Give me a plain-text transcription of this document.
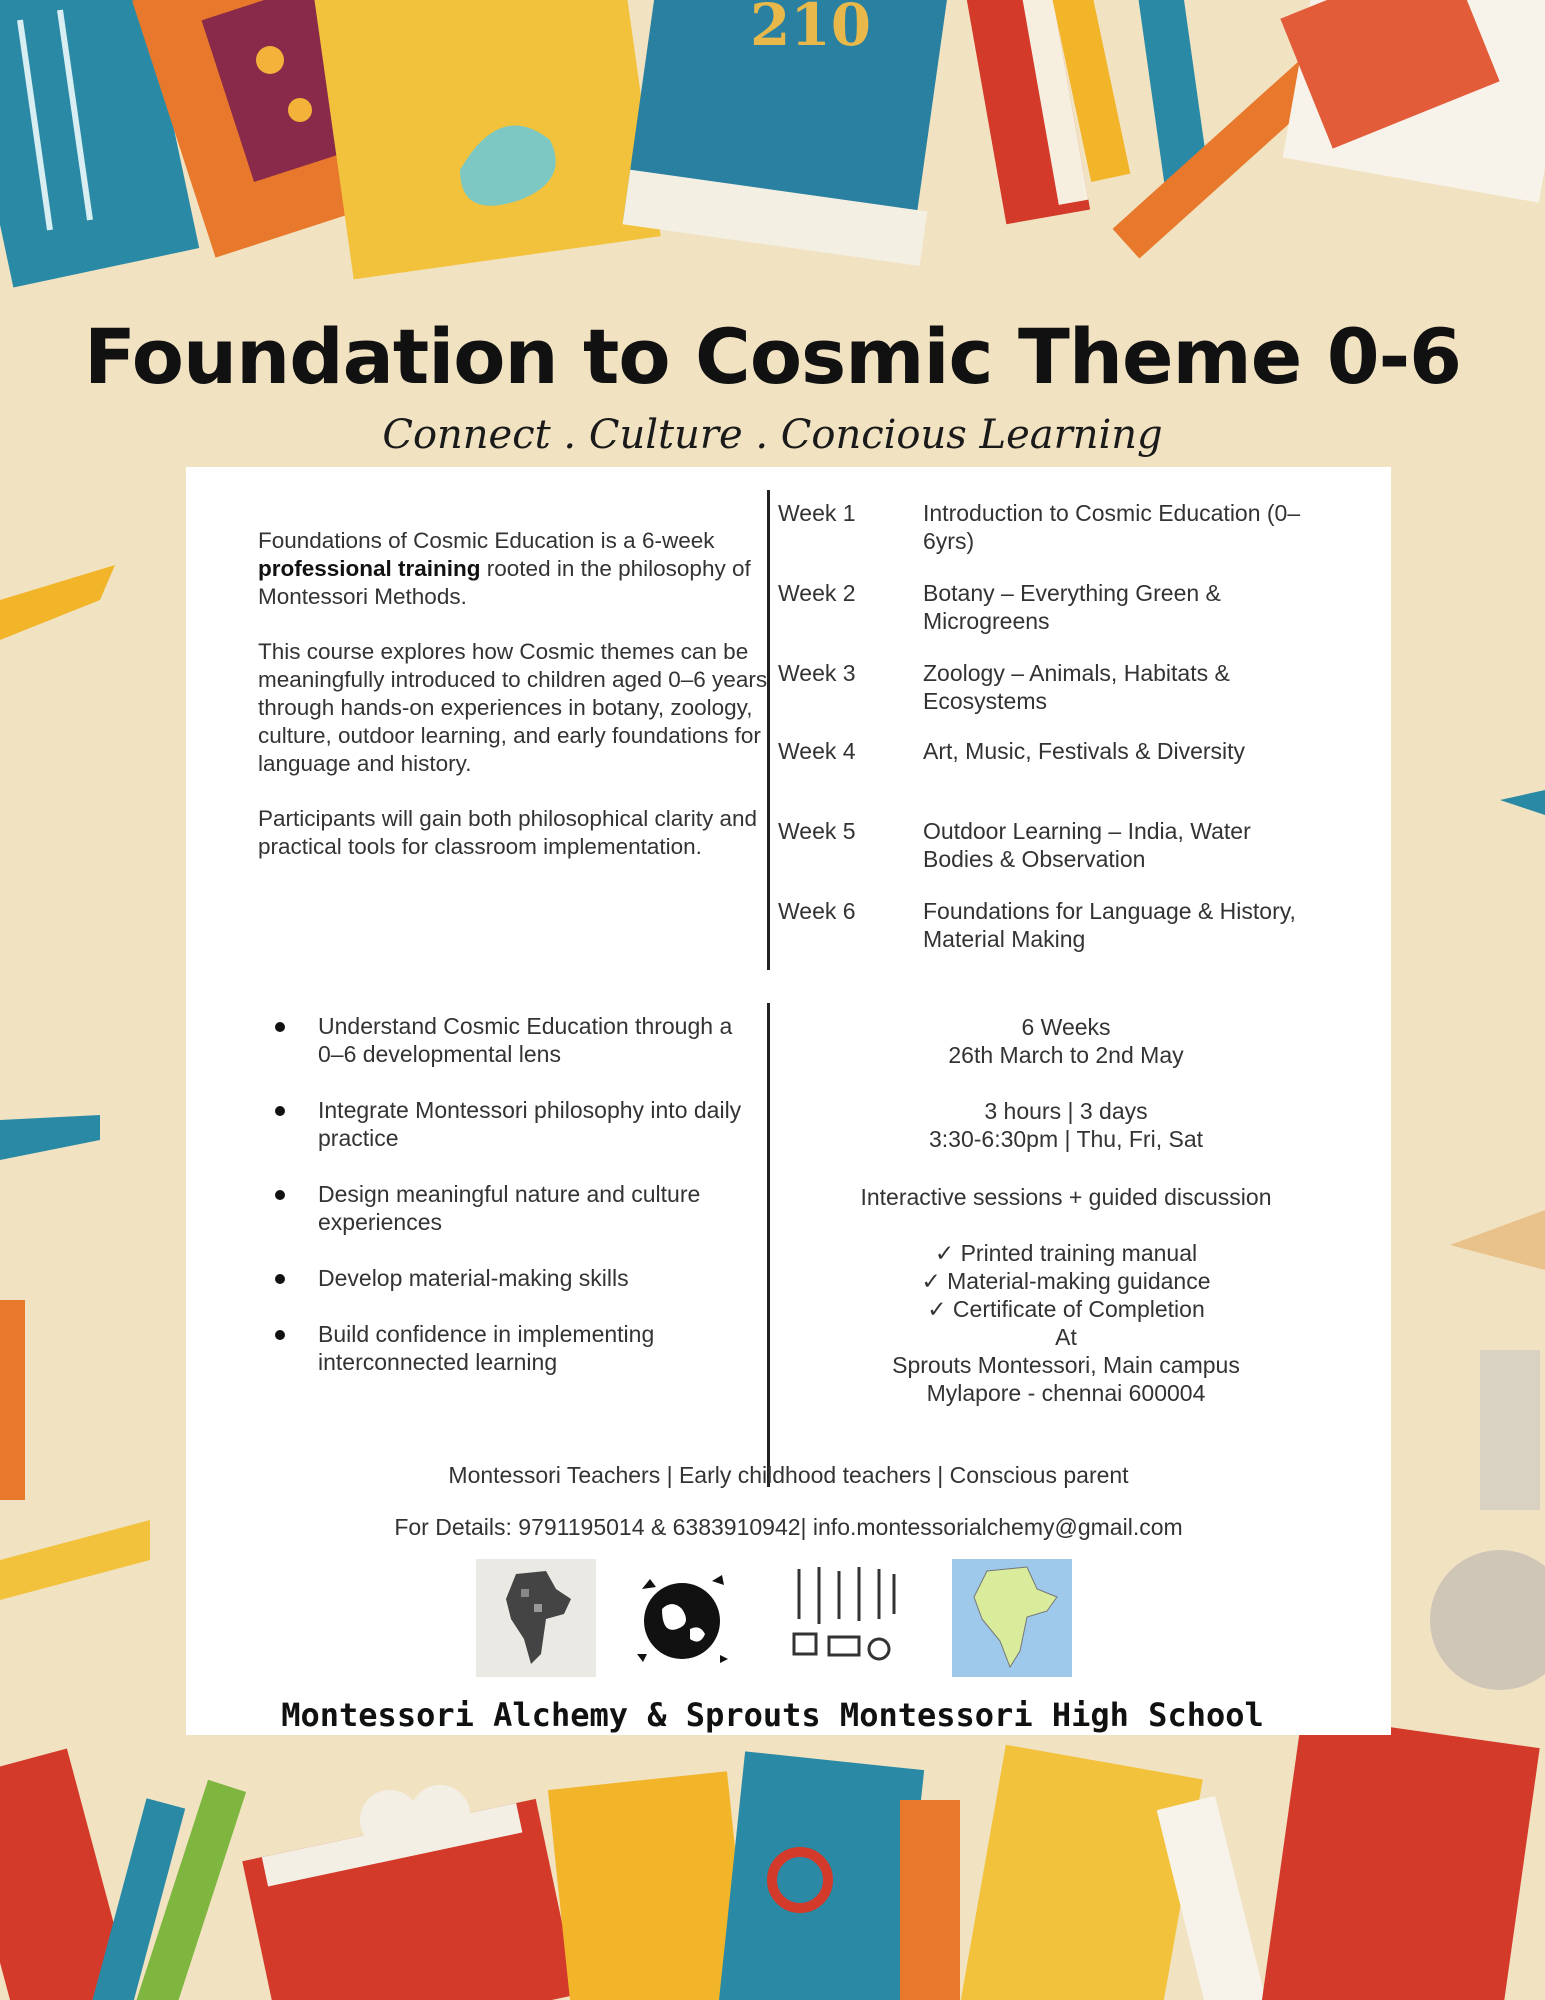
210
Foundation to Cosmic Theme 0-6
Connect . Culture . Concious Learning

Foundations of Cosmic Education is a 6-week professional training rooted in the philosophy of Montessori Methods.

This course explores how Cosmic themes can be meaningfully introduced to children aged 0–6 years through hands-on experiences in botany, zoology, culture, outdoor learning, and early foundations for language and history.

Participants will gain both philosophical clarity and practical tools for classroom implementation.

Week 1	Introduction to Cosmic Education (0–6yrs)
Week 2	Botany – Everything Green & Microgreens
Week 3	Zoology – Animals, Habitats & Ecosystems
Week 4	Art, Music, Festivals & Diversity
Week 5	Outdoor Learning – India, Water Bodies & Observation
Week 6	Foundations for Language & History, Material Making
Understand Cosmic Education through a 0–6 developmental lens
Integrate Montessori philosophy into daily practice
Design meaningful nature and culture experiences
Develop material-making skills
Build confidence in implementing interconnected learning
6 Weeks
26th March to 2nd May
3 hours | 3 days
3:30-6:30pm | Thu, Fri, Sat
Interactive sessions + guided discussion
✓ Printed training manual
✓ Material-making guidance
✓ Certificate of Completion
At
Sprouts Montessori, Main campus
Mylapore - chennai 600004
Montessori Teachers | Early childhood teachers | Conscious parent
For Details: 9791195014 & 6383910942| info.montessorialchemy@gmail.com
Montessori Alchemy & Sprouts Montessori High School
